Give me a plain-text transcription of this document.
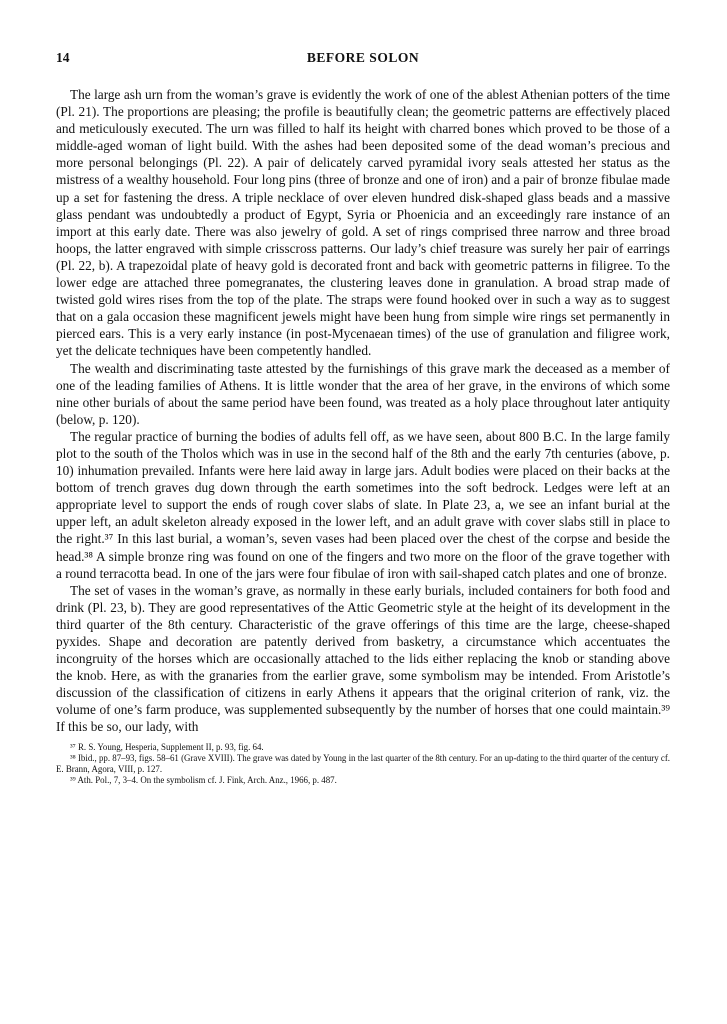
14	BEFORE SOLON

The large ash urn from the woman’s grave is evidently the work of one of the ablest Athenian potters of the time (Pl. 21). The proportions are pleasing; the profile is beautifully clean; the geometric patterns are effectively placed and meticulously executed. The urn was filled to half its height with charred bones which proved to be those of a middle-aged woman of light build. With the ashes had been deposited some of the dead woman’s precious and more personal belongings (Pl. 22). A pair of delicately carved pyramidal ivory seals attested her status as the mistress of a wealthy household. Four long pins (three of bronze and one of iron) and a pair of bronze fibulae made up a set for fastening the dress. A triple necklace of over eleven hundred disk-shaped glass beads and a massive glass pendant was undoubtedly a product of Egypt, Syria or Phoenicia and an exceedingly rare instance of an import at this early date. There was also jewelry of gold. A set of rings comprised three narrow and three broad hoops, the latter engraved with simple crisscross patterns. Our lady’s chief treasure was surely her pair of earrings (Pl. 22, b). A trapezoidal plate of heavy gold is decorated front and back with geometric patterns in filigree. To the lower edge are attached three pomegranates, the clustering leaves done in granulation. A broad strap made of twisted gold wires rises from the top of the plate. The straps were found hooked over in such a way as to suggest that on a gala occasion these magnificent jewels might have been hung from simple wire rings set permanently in pierced ears. This is a very early instance (in post-Mycenaean times) of the use of granulation and filigree work, yet the delicate techniques have been competently handled.

The wealth and discriminating taste attested by the furnishings of this grave mark the deceased as a member of one of the leading families of Athens. It is little wonder that the area of her grave, in the environs of which some nine other burials of about the same period have been found, was treated as a holy place throughout later antiquity (below, p. 120).

The regular practice of burning the bodies of adults fell off, as we have seen, about 800 B.C. In the large family plot to the south of the Tholos which was in use in the second half of the 8th and the early 7th centuries (above, p. 10) inhumation prevailed. Infants were here laid away in large jars. Adult bodies were placed on their backs at the bottom of trench graves dug down through the earth sometimes into the soft bedrock. Ledges were left at an appropriate level to support the ends of rough cover slabs of slate. In Plate 23, a, we see an infant burial at the upper left, an adult skeleton already exposed in the lower left, and an adult grave with cover slabs still in place to the right.³⁷ In this last burial, a woman’s, seven vases had been placed over the chest of the corpse and beside the head.³⁸ A simple bronze ring was found on one of the fingers and two more on the floor of the grave together with a round terracotta bead. In one of the jars were four fibulae of iron with sail-shaped catch plates and one of bronze.

The set of vases in the woman’s grave, as normally in these early burials, included containers for both food and drink (Pl. 23, b). They are good representatives of the Attic Geometric style at the height of its development in the third quarter of the 8th century. Characteristic of the grave offerings of this time are the large, cheese-shaped pyxides. Shape and decoration are patently derived from basketry, a circumstance which accentuates the incongruity of the horses which are occasionally attached to the lids either replacing the knob or standing above the knob. Here, as with the granaries from the earlier grave, some symbolism may be intended. From Aristotle’s discussion of the classification of citizens in early Athens it appears that the original criterion of rank, viz. the volume of one’s farm produce, was supplemented subsequently by the number of horses that one could maintain.³⁹ If this be so, our lady, with

³⁷ R. S. Young, Hesperia, Supplement II, p. 93, fig. 64.

³⁸ Ibid., pp. 87–93, figs. 58–61 (Grave XVIII). The grave was dated by Young in the last quarter of the 8th century. For an up-dating to the third quarter of the century cf. E. Brann, Agora, VIII, p. 127.

³⁹ Ath. Pol., 7, 3–4. On the symbolism cf. J. Fink, Arch. Anz., 1966, p. 487.
